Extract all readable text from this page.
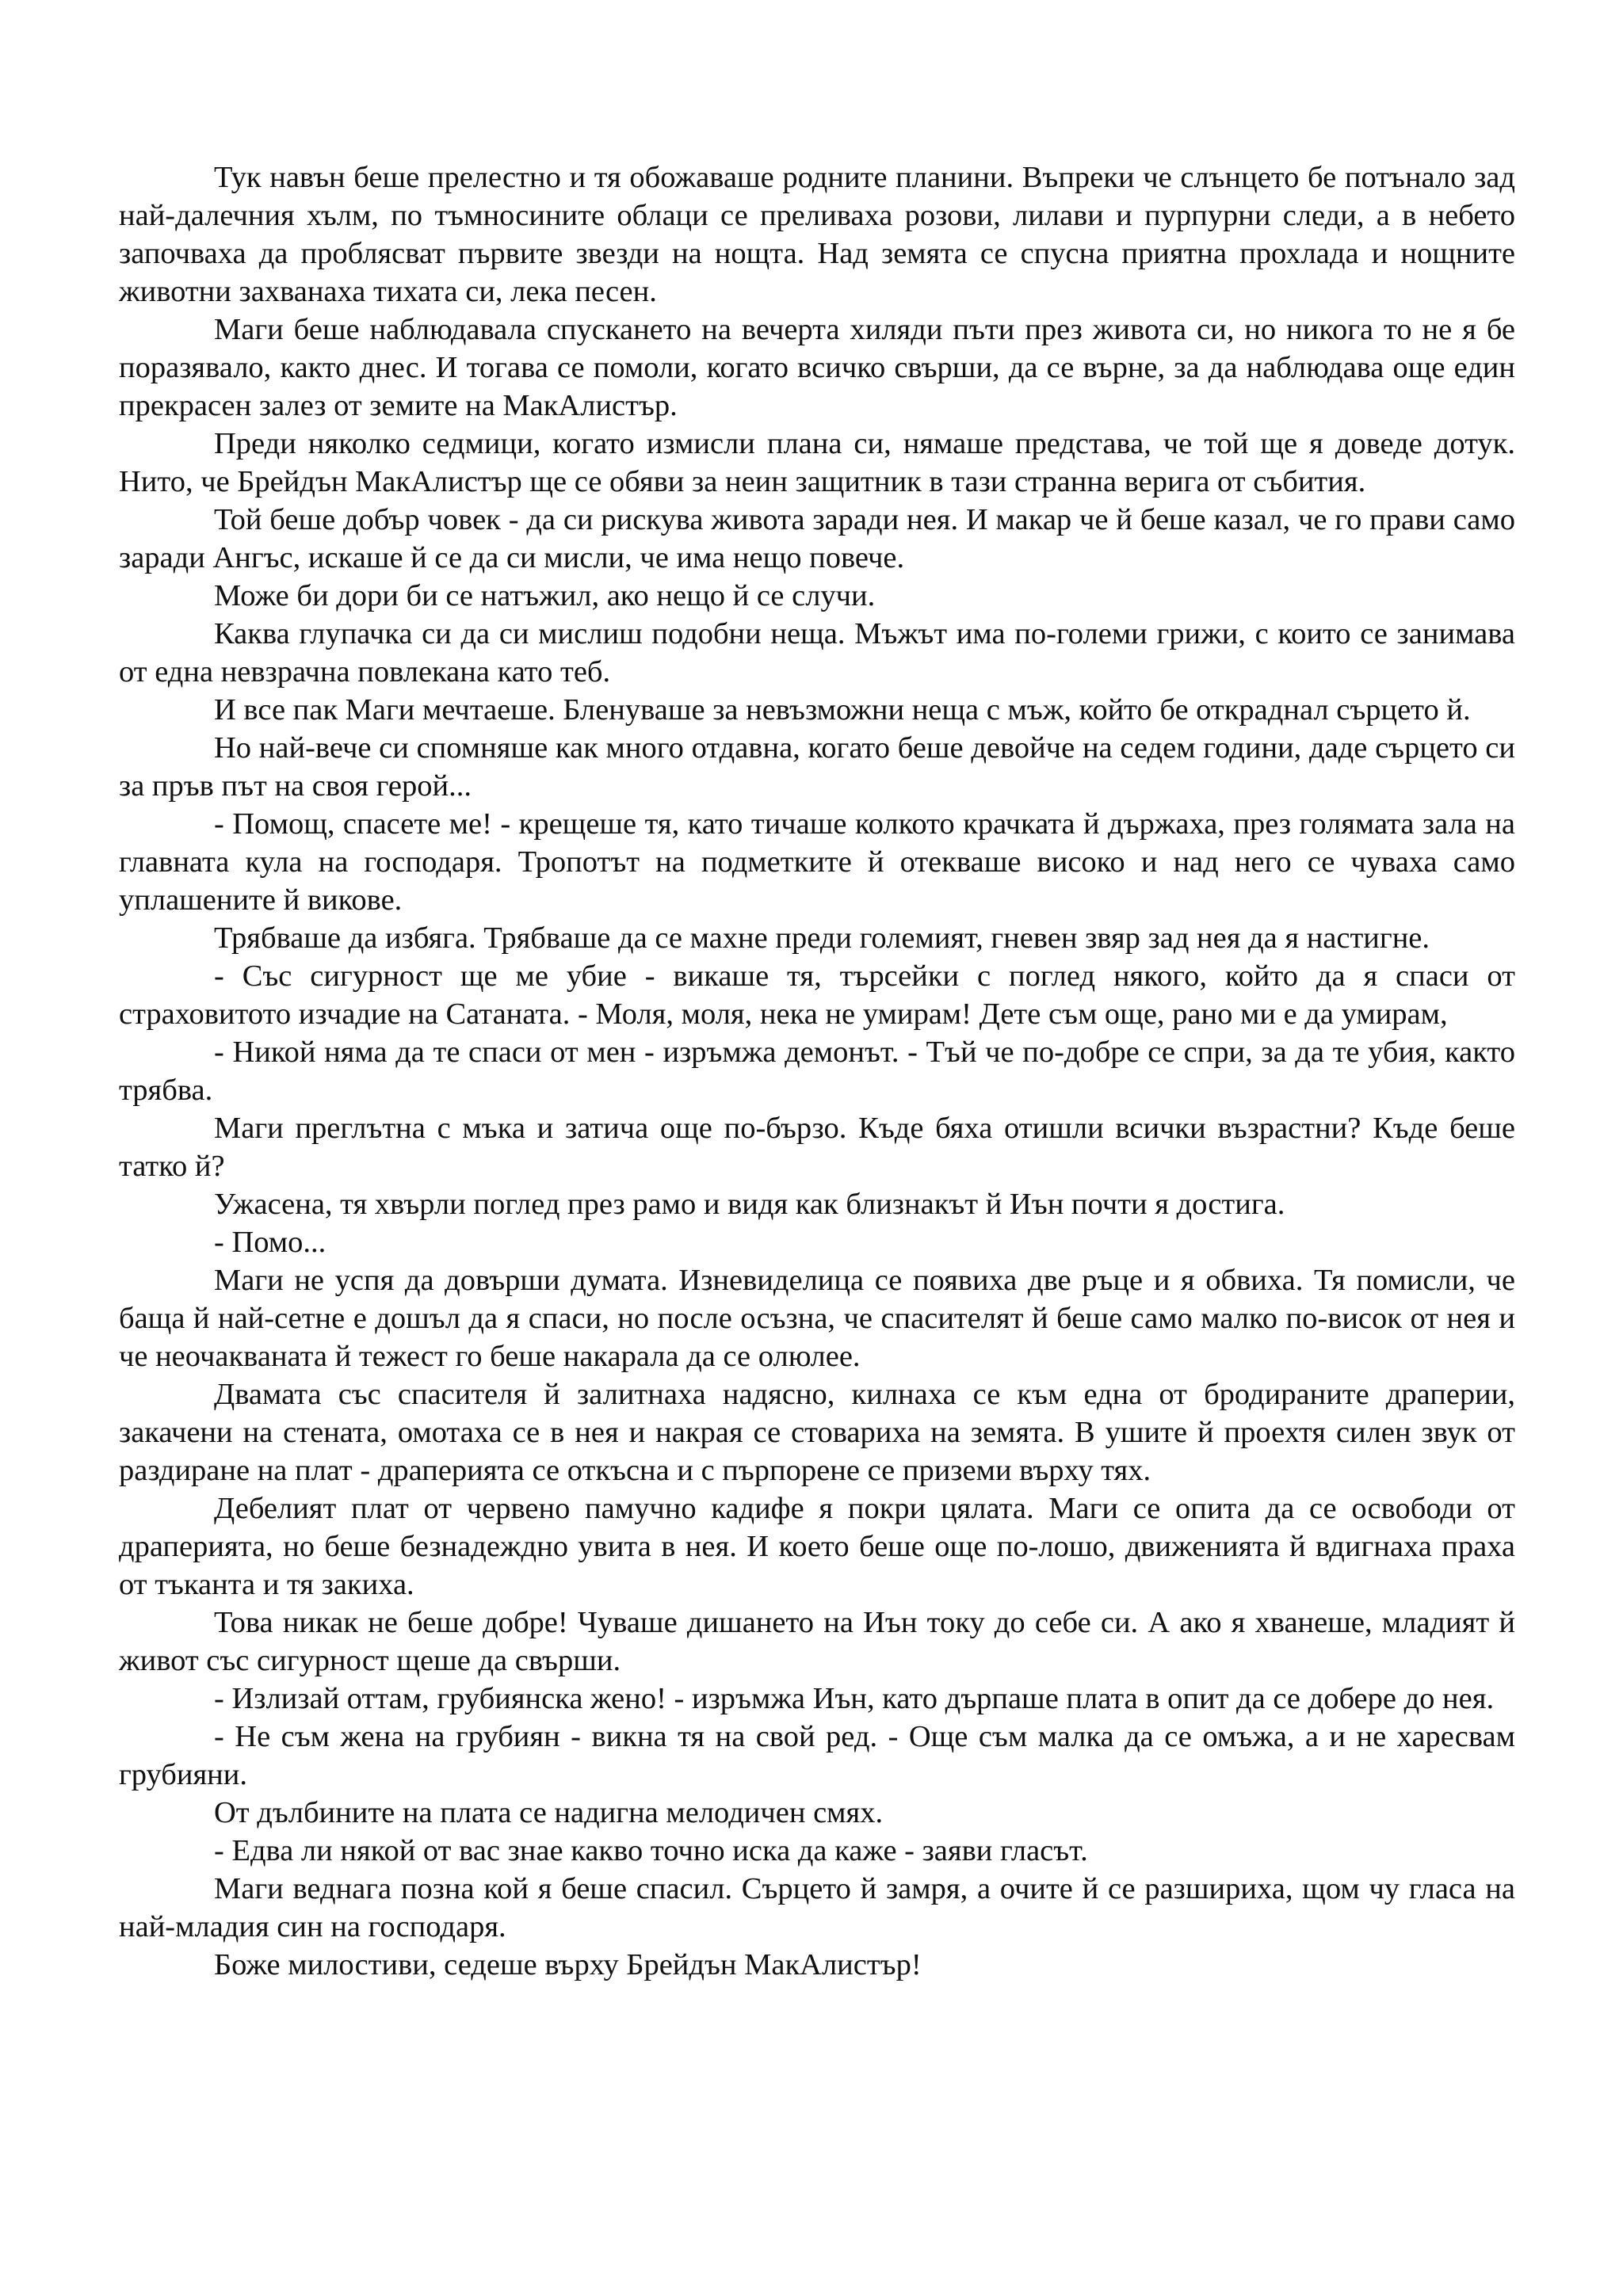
Тук навън беше прелестно и тя обожаваше родните планини. Въпреки че слънцето бе потънало зад най-далечния хълм, по тъмносините облаци се преливаха розови, лилави и пурпурни следи, а в небето започваха да проблясват първите звезди на нощта. Над земята се спусна приятна прохлада и нощните животни захванаха тихата си, лека песен.

Маги беше наблюдавала спускането на вечерта хиляди пъти през живота си, но никога то не я бе поразявало, както днес. И тогава се помоли, когато всичко свърши, да се върне, за да наблюдава още един прекрасен залез от земите на МакАлистър.

Преди няколко седмици, когато измисли плана си, нямаше представа, че той ще я доведе дотук. Нито, че Брейдън МакАлистър ще се обяви за неин защитник в тази странна верига от събития.

Той беше добър човек - да си рискува живота заради нея. И макар че й беше казал, че го прави само заради Ангъс, искаше й се да си мисли, че има нещо повече.

Може би дори би се натъжил, ако нещо й се случи.

Каква глупачка си да си мислиш подобни неща. Мъжът има по-големи грижи, с които се занимава от една невзрачна повлекана като теб.

И все пак Маги мечтаеше. Бленуваше за невъзможни неща с мъж, който бе откраднал сърцето й.

Но най-вече си спомняше как много отдавна, когато беше девойче на седем години, даде сърцето си за пръв път на своя герой...

- Помощ, спасете ме! - крещеше тя, като тичаше колкото крачката й държаха, през голямата зала на главната кула на господаря. Тропотът на подметките й отекваше високо и над него се чуваха само уплашените й викове.

Трябваше да избяга. Трябваше да се махне преди големият, гневен звяр зад нея да я настигне.

- Със сигурност ще ме убие - викаше тя, търсейки с поглед някого, който да я спаси от страховитото изчадие на Сатаната. - Моля, моля, нека не умирам! Дете съм още, рано ми е да умирам,

- Никой няма да те спаси от мен - изръмжа демонът. - Тъй че по-добре се спри, за да те убия, както трябва.

Маги преглътна с мъка и затича още по-бързо. Къде бяха отишли всички възрастни? Къде беше татко й?

Ужасена, тя хвърли поглед през рамо и видя как близнакът й Иън почти я достига.

- Помо...

Маги не успя да довърши думата. Изневиделица се появиха две ръце и я обвиха. Тя помисли, че баща й най-сетне е дошъл да я спаси, но после осъзна, че спасителят й беше само малко по-висок от нея и че неочакваната й тежест го беше накарала да се олюлее.

Двамата със спасителя й залитнаха надясно, килнаха се към една от бродираните драперии, закачени на стената, омотаха се в нея и накрая се стовариха на земята. В ушите й проехтя силен звук от раздиране на плат - драперията се откъсна и с пърпорене се приземи върху тях.

Дебелият плат от червено памучно кадифе я покри цялата. Маги се опита да се освободи от драперията, но беше безнадеждно увита в нея. И което беше още по-лошо, движенията й вдигнаха праха от тъканта и тя закиха.

Това никак не беше добре! Чуваше дишането на Иън току до себе си. А ако я хванеше, младият й живот със сигурност щеше да свърши.

- Излизай оттам, грубиянска жено! - изръмжа Иън, като дърпаше плата в опит да се добере до нея.

- Не съм жена на грубиян - викна тя на свой ред. - Още съм малка да се омъжа, а и не харесвам грубияни.

От дълбините на плата се надигна мелодичен смях.

- Едва ли някой от вас знае какво точно иска да каже - заяви гласът.

Маги веднага позна кой я беше спасил. Сърцето й замря, а очите й се разшириха, щом чу гласа на най-младия син на господаря.

Боже милостиви, седеше върху Брейдън МакАлистър!
